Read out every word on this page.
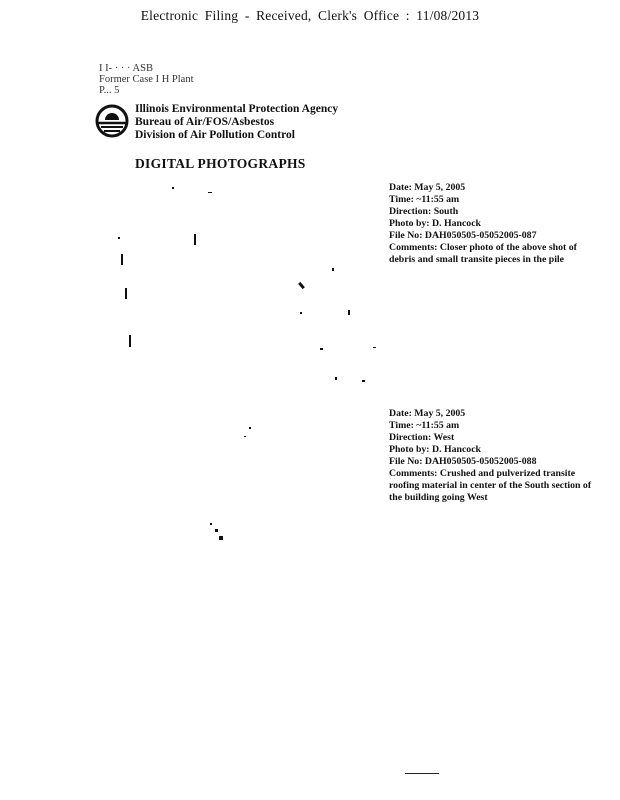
Electronic Filing - Received, Clerk's Office : 11/08/2013
I I- · · · ASB
Former Case I H Plant
P... 5
Illinois Environmental Protection Agency
Bureau of Air/FOS/Asbestos
Division of Air Pollution Control
DIGITAL PHOTOGRAPHS
Date: May 5, 2005
Time: ~11:55 am
Direction: South
Photo by: D. Hancock
File No: DAH050505-05052005-087
Comments: Closer photo of the above shot of debris and small transite pieces in the pile
Date: May 5, 2005
Time: ~11:55 am
Direction: West
Photo by: D. Hancock
File No: DAH050505-05052005-088
Comments: Crushed and pulverized transite roofing material in center of the South section of the building going West
